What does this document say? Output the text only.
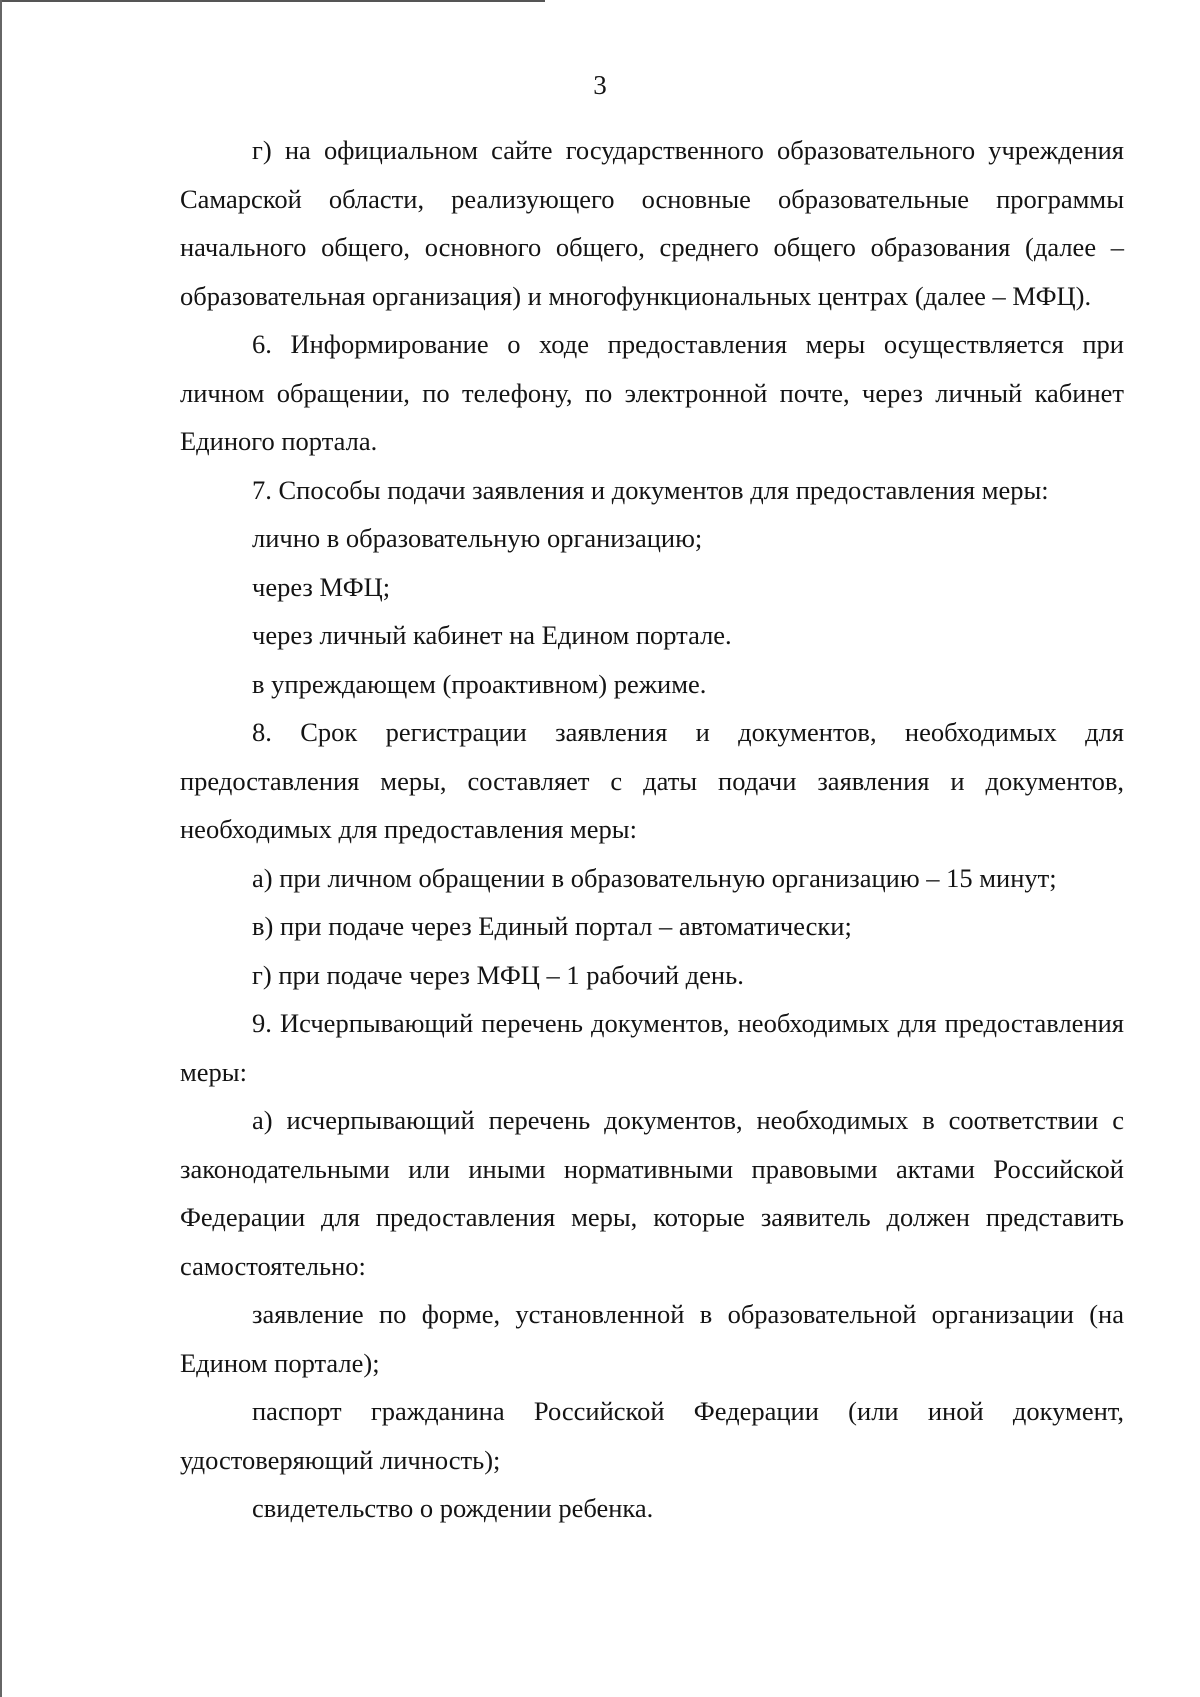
3

г) на официальном сайте государственного образовательного учреждения Самарской области, реализующего основные образовательные программы начального общего, основного общего, среднего общего образования (далее – образовательная организация) и многофункциональных центрах (далее – МФЦ).

6. Информирование о ходе предоставления меры осуществляется при личном обращении, по телефону, по электронной почте, через личный кабинет Единого портала.

7. Способы подачи заявления и документов для предоставления меры:

лично в образовательную организацию;

через МФЦ;

через личный кабинет на Едином портале.

в упреждающем (проактивном) режиме.

8. Срок регистрации заявления и документов, необходимых для предоставления меры, составляет с даты подачи заявления и документов, необходимых для предоставления меры:

а) при личном обращении в образовательную организацию – 15 минут;

в) при подаче через Единый портал – автоматически;

г) при подаче через МФЦ – 1 рабочий день.

9. Исчерпывающий перечень документов, необходимых для предоставления меры:

а) исчерпывающий перечень документов, необходимых в соответствии с законодательными или иными нормативными правовыми актами Российской Федерации для предоставления меры, которые заявитель должен представить самостоятельно:

заявление по форме, установленной в образовательной организации (на Едином портале);

паспорт гражданина Российской Федерации (или иной документ, удостоверяющий личность);

свидетельство о рождении ребенка.
